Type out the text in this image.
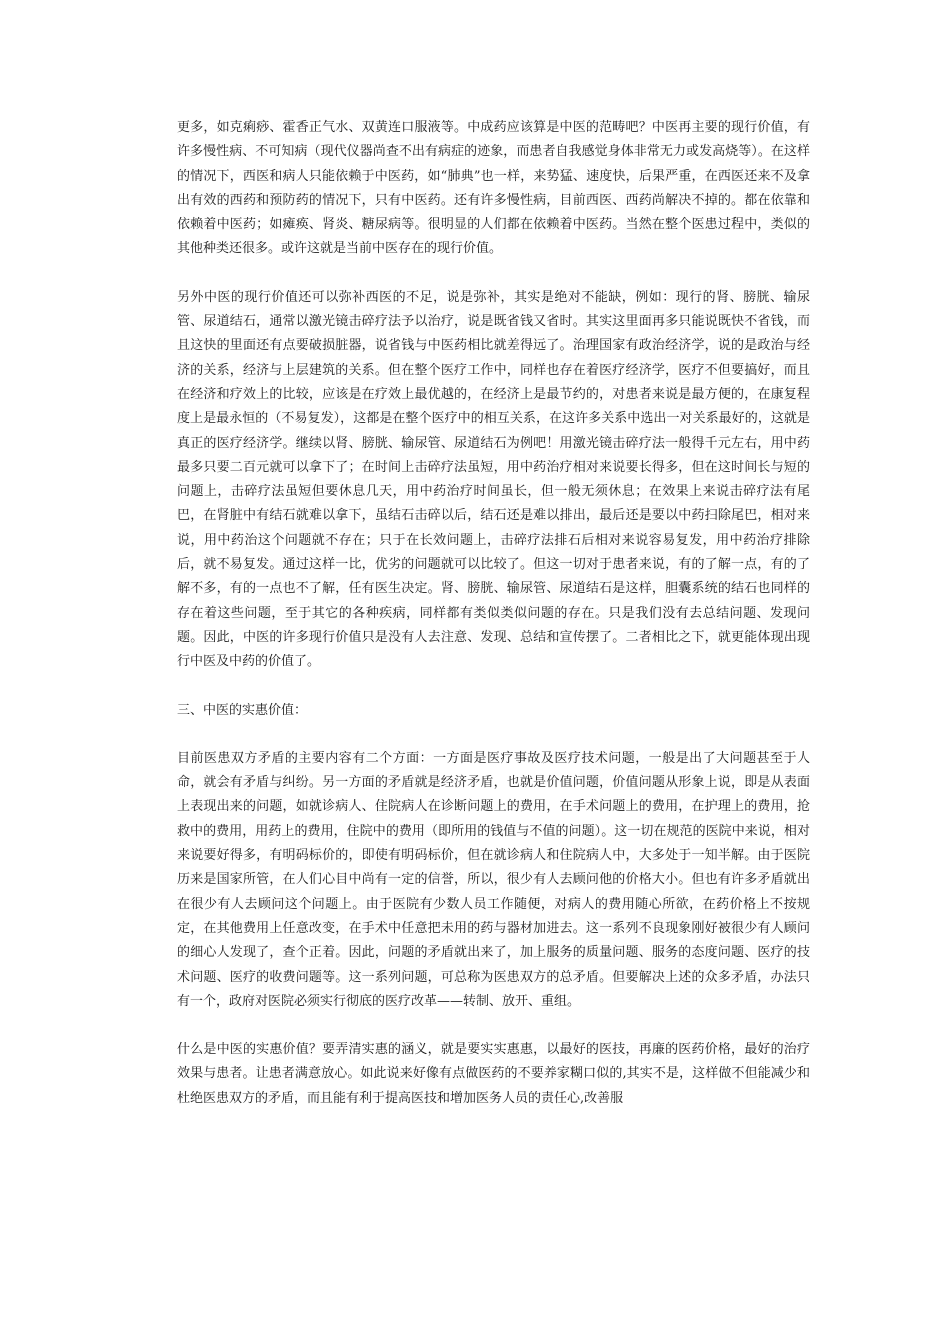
更多，如克痢痧、霍香正气水、双黄连口服液等。中成药应该算是中医的范畴吧？中医再主要的现行价值，有许多慢性病、不可知病（现代仪器尚查不出有病症的迹象，而患者自我感觉身体非常无力或发高烧等）。在这样的情况下，西医和病人只能依赖于中医药，如“肺典”也一样，来势猛、速度快，后果严重，在西医还来不及拿出有效的西药和预防药的情况下，只有中医药。还有许多慢性病，目前西医、西药尚解决不掉的。都在依靠和依赖着中医药；如瘫痪、肾炎、糖尿病等。很明显的人们都在依赖着中医药。当然在整个医患过程中，类似的其他种类还很多。或许这就是当前中医存在的现行价值。

另外中医的现行价值还可以弥补西医的不足，说是弥补，其实是绝对不能缺，例如：现行的肾、膀胱、输尿管、尿道结石，通常以激光镜击碎疗法予以治疗，说是既省钱又省时。其实这里面再多只能说既快不省钱，而且这快的里面还有点要破损脏器，说省钱与中医药相比就差得远了。治理国家有政治经济学，说的是政治与经济的关系，经济与上层建筑的关系。但在整个医疗工作中，同样也存在着医疗经济学，医疗不但要搞好，而且在经济和疗效上的比较，应该是在疗效上最优越的，在经济上是最节约的，对患者来说是最方便的，在康复程度上是最永恒的（不易复发），这都是在整个医疗中的相互关系，在这许多关系中选出一对关系最好的，这就是真正的医疗经济学。继续以肾、膀胱、输尿管、尿道结石为例吧！用激光镜击碎疗法一般得千元左右，用中药最多只要二百元就可以拿下了；在时间上击碎疗法虽短，用中药治疗相对来说要长得多，但在这时间长与短的问题上，击碎疗法虽短但要休息几天，用中药治疗时间虽长，但一般无须休息；在效果上来说击碎疗法有尾巴，在肾脏中有结石就难以拿下，虽结石击碎以后，结石还是难以排出，最后还是要以中药扫除尾巴，相对来说，用中药治这个问题就不存在；只于在长效问题上，击碎疗法排石后相对来说容易复发，用中药治疗排除后，就不易复发。通过这样一比，优劣的问题就可以比较了。但这一切对于患者来说，有的了解一点，有的了解不多，有的一点也不了解，任有医生决定。肾、膀胱、输尿管、尿道结石是这样，胆囊系统的结石也同样的存在着这些问题，至于其它的各种疾病，同样都有类似类似问题的存在。只是我们没有去总结问题、发现问题。因此，中医的许多现行价值只是没有人去注意、发现、总结和宣传摆了。二者相比之下，就更能体现出现行中医及中药的价值了。

三、中医的实惠价值：

目前医患双方矛盾的主要内容有二个方面：一方面是医疗事故及医疗技术问题，一般是出了大问题甚至于人命，就会有矛盾与纠纷。另一方面的矛盾就是经济矛盾，也就是价值问题，价值问题从形象上说，即是从表面上表现出来的问题，如就诊病人、住院病人在诊断问题上的费用，在手术问题上的费用，在护理上的费用，抢救中的费用，用药上的费用，住院中的费用（即所用的钱值与不值的问题）。这一切在规范的医院中来说，相对来说要好得多，有明码标价的，即使有明码标价，但在就诊病人和住院病人中，大多处于一知半解。由于医院历来是国家所管，在人们心目中尚有一定的信誉，所以，很少有人去顾问他的价格大小。但也有许多矛盾就出在很少有人去顾问这个问题上。由于医院有少数人员工作随便，对病人的费用随心所欲，在药价格上不按规定，在其他费用上任意改变，在手术中任意把未用的药与器材加进去。这一系列不良现象刚好被很少有人顾问的细心人发现了，查个正着。因此，问题的矛盾就出来了，加上服务的质量问题、服务的态度问题、医疗的技术问题、医疗的收费问题等。这一系列问题，可总称为医患双方的总矛盾。但要解决上述的众多矛盾，办法只有一个，政府对医院必须实行彻底的医疗改革——转制、放开、重组。

什么是中医的实惠价值？要弄清实惠的涵义，就是要实实惠惠，以最好的医技，再廉的医药价格，最好的治疗效果与患者。让患者满意放心。如此说来好像有点做医药的不要养家糊口似的,其实不是，这样做不但能减少和杜绝医患双方的矛盾，而且能有利于提高医技和增加医务人员的责任心,改善服
